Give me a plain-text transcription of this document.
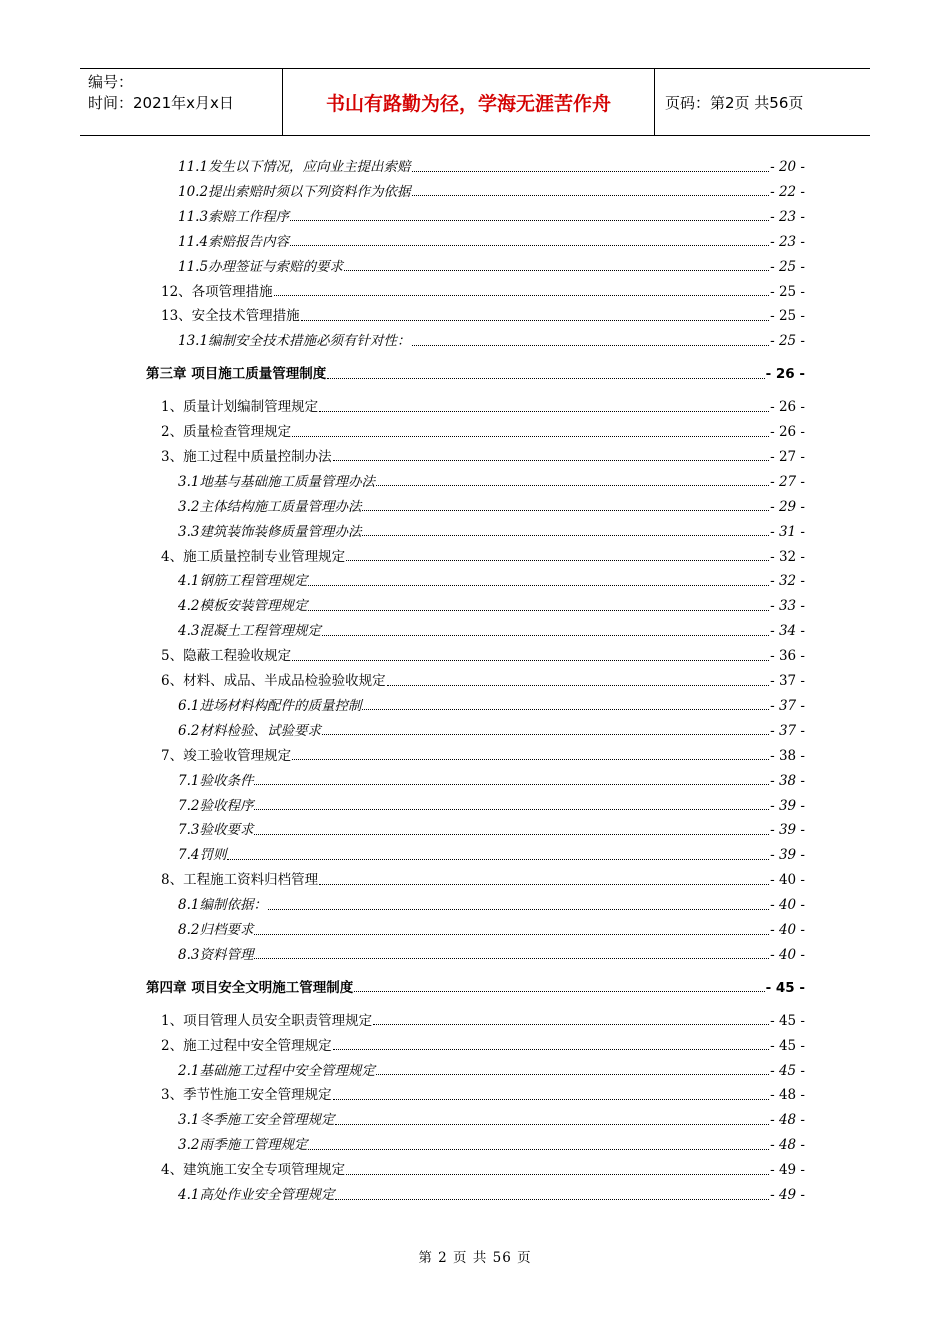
编号：
时间：2021年x月x日	书山有路勤为径，学海无涯苦作舟	页码：第2页 共56页
11.1发生以下情况，应向业主提出索赔	- 20 -
10.2提出索赔时须以下列资料作为依据	- 22 -
11.3索赔工作程序	- 23 -
11.4索赔报告内容	- 23 -
11.5办理签证与索赔的要求	- 25 -
12、各项管理措施	- 25 -
13、安全技术管理措施	- 25 -
13.1编制安全技术措施必须有针对性：	- 25 -
第三章 项目施工质量管理制度	- 26 -
1、质量计划编制管理规定	- 26 -
2、质量检查管理规定	- 26 -
3、施工过程中质量控制办法	- 27 -
3.1地基与基础施工质量管理办法	- 27 -
3.2主体结构施工质量管理办法	- 29 -
3.3建筑装饰装修质量管理办法	- 31 -
4、施工质量控制专业管理规定	- 32 -
4.1钢筋工程管理规定	- 32 -
4.2模板安装管理规定	- 33 -
4.3混凝土工程管理规定	- 34 -
5、隐蔽工程验收规定	- 36 -
6、材料、成品、半成品检验验收规定	- 37 -
6.1进场材料构配件的质量控制	- 37 -
6.2材料检验、试验要求	- 37 -
7、竣工验收管理规定	- 38 -
7.1验收条件	- 38 -
7.2验收程序	- 39 -
7.3验收要求	- 39 -
7.4罚则	- 39 -
8、工程施工资料归档管理	- 40 -
8.1编制依据：	- 40 -
8.2归档要求	- 40 -
8.3资料管理	- 40 -
第四章 项目安全文明施工管理制度	- 45 -
1、项目管理人员安全职责管理规定	- 45 -
2、施工过程中安全管理规定	- 45 -
2.1基础施工过程中安全管理规定	- 45 -
3、季节性施工安全管理规定	- 48 -
3.1冬季施工安全管理规定	- 48 -
3.2雨季施工管理规定	- 48 -
4、建筑施工安全专项管理规定	- 49 -
4.1高处作业安全管理规定	- 49 -
第 2 页 共 56 页
